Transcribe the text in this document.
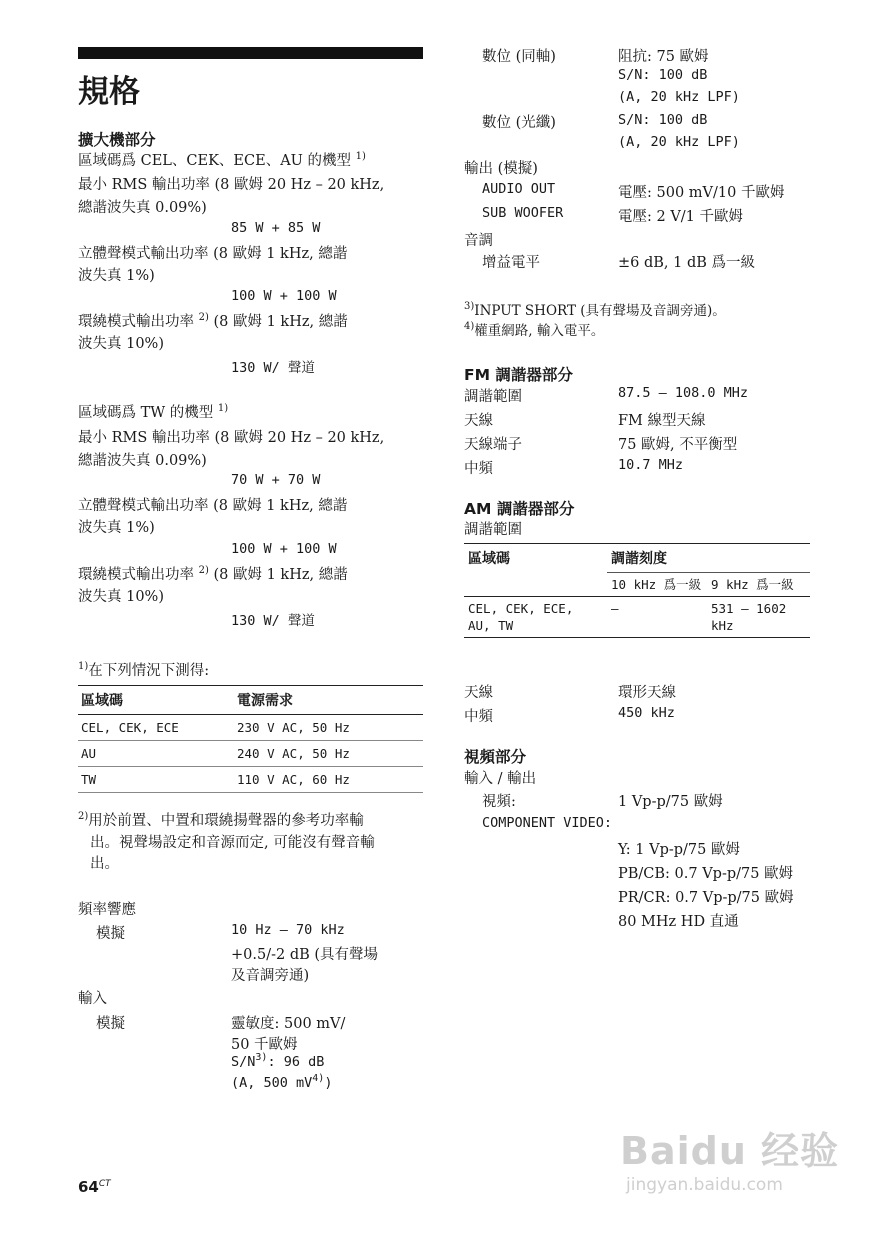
規格
擴大機部分
區域碼爲 CEL、CEK、ECE、AU 的機型 $^{1)}$
最小 RMS 輸出功率 (8 歐姆 20 Hz – 20 kHz,
總諧波失真 0.09%)
85 W + 85 W
立體聲模式輸出功率 (8 歐姆 1 kHz, 總諧
波失真 1%)
100 W + 100 W
環繞模式輸出功率 $^{2)}$ (8 歐姆 1 kHz, 總諧
波失真 10%)
130 W/ 聲道
區域碼爲 TW 的機型 $^{1)}$
最小 RMS 輸出功率 (8 歐姆 20 Hz – 20 kHz,
總諧波失真 0.09%)
70 W + 70 W
立體聲模式輸出功率 (8 歐姆 1 kHz, 總諧
波失真 1%)
100 W + 100 W
環繞模式輸出功率 $^{2)}$ (8 歐姆 1 kHz, 總諧
波失真 10%)
130 W/ 聲道
$^{1)}$在下列情況下測得:
區域碼	電源需求
CEL, CEK, ECE	230 V AC, 50 Hz
AU	240 V AC, 50 Hz
TW	110 V AC, 60 Hz
$^{2)}$用於前置、中置和環繞揚聲器的參考功率輸
出。視聲場設定和音源而定, 可能沒有聲音輸
出。
頻率響應
模擬	10 Hz – 70 kHz
+0.5/-2 dB (具有聲場
及音調旁通)
輸入
模擬	靈敏度: 500 mV/
50 千歐姆
$S/N^{3)}$: 96 dB
(A, 500 $mV^{4)}$)
數位 (同軸)	阻抗: 75 歐姆
S/N: 100 dB
(A, 20 kHz LPF)
數位 (光纖)	S/N: 100 dB
(A, 20 kHz LPF)
輸出 (模擬)
AUDIO OUT	電壓: 500 mV/10 千歐姆
SUB WOOFER	電壓: 2 V/1 千歐姆
音調
增益電平	±6 dB, 1 dB 爲一級
$^{3)}$INPUT SHORT (具有聲場及音調旁通)。
$^{4)}$權重網路, 輸入電平。
FM 調諧器部分
調諧範圍	87.5 – 108.0 MHz
天線	FM 線型天線
天線端子	75 歐姆, 不平衡型
中頻	10.7 MHz
AM 調諧器部分
調諧範圍
區域碼	調諧刻度	
	10 kHz 爲一級	9 kHz 爲一級
CEL, CEK, ECE, AU, TW	–	531 – 1602 kHz
天線	環形天線
中頻	450 kHz
視頻部分
輸入 / 輸出
視頻:	1 Vp-p/75 歐姆
COMPONENT VIDEO:
Y: 1 Vp-p/75 歐姆
PB/CB: 0.7 Vp-p/75 歐姆
PR/CR: 0.7 Vp-p/75 歐姆
80 MHz HD 直通
$64^{CT}$
Baidu 经验
jingyan.baidu.com
